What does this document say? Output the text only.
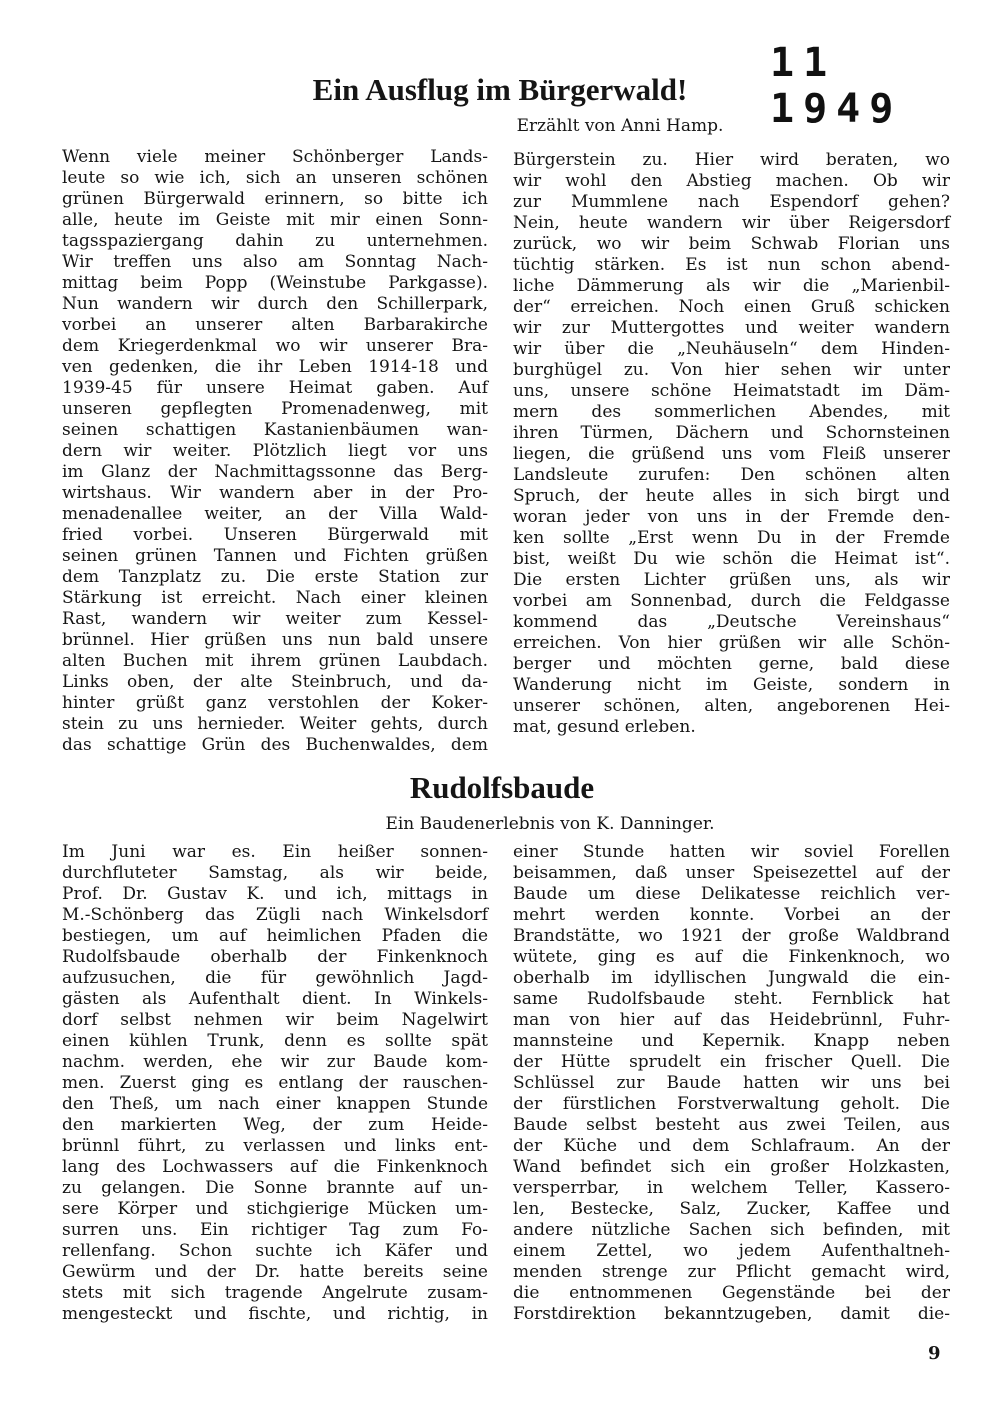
11 1949
Ein Ausflug im Bürgerwald!
Erzählt von Anni Hamp.
Wenn viele meiner Schönberger Lands-
leute so wie ich, sich an unseren schönen
grünen Bürgerwald erinnern, so bitte ich
alle, heute im Geiste mit mir einen Sonn-
tagsspaziergang dahin zu unternehmen.
Wir treffen uns also am Sonntag Nach-
mittag beim Popp (Weinstube Parkgasse).
Nun wandern wir durch den Schillerpark,
vorbei an unserer alten Barbarakirche
dem Kriegerdenkmal wo wir unserer Bra-
ven gedenken, die ihr Leben 1914-18 und
1939-45 für unsere Heimat gaben. Auf
unseren gepflegten Promenadenweg, mit
seinen schattigen Kastanienbäumen wan-
dern wir weiter. Plötzlich liegt vor uns
im Glanz der Nachmittagssonne das Berg-
wirtshaus. Wir wandern aber in der Pro-
menadenallee weiter, an der Villa Wald-
fried vorbei. Unseren Bürgerwald mit
seinen grünen Tannen und Fichten grüßen
dem Tanzplatz zu. Die erste Station zur
Stärkung ist erreicht. Nach einer kleinen
Rast, wandern wir weiter zum Kessel-
brünnel. Hier grüßen uns nun bald unsere
alten Buchen mit ihrem grünen Laubdach.
Links oben, der alte Steinbruch, und da-
hinter grüßt ganz verstohlen der Koker-
stein zu uns hernieder. Weiter gehts, durch
das schattige Grün des Buchenwaldes, dem
Bürgerstein zu. Hier wird beraten, wo
wir wohl den Abstieg machen. Ob wir
zur Mummlene nach Espendorf gehen?
Nein, heute wandern wir über Reigersdorf
zurück, wo wir beim Schwab Florian uns
tüchtig stärken. Es ist nun schon abend-
liche Dämmerung als wir die „Marienbil-
der“ erreichen. Noch einen Gruß schicken
wir zur Muttergottes und weiter wandern
wir über die „Neuhäuseln“ dem Hinden-
burghügel zu. Von hier sehen wir unter
uns, unsere schöne Heimatstadt im Däm-
mern des sommerlichen Abendes, mit
ihren Türmen, Dächern und Schornsteinen
liegen, die grüßend uns vom Fleiß unserer
Landsleute zurufen: Den schönen alten
Spruch, der heute alles in sich birgt und
woran jeder von uns in der Fremde den-
ken sollte „Erst wenn Du in der Fremde
bist, weißt Du wie schön die Heimat ist“.
Die ersten Lichter grüßen uns, als wir
vorbei am Sonnenbad, durch die Feldgasse
kommend das „Deutsche Vereinshaus“
erreichen. Von hier grüßen wir alle Schön-
berger und möchten gerne, bald diese
Wanderung nicht im Geiste, sondern in
unserer schönen, alten, angeborenen Hei-
mat, gesund erleben.
Rudolfsbaude
Ein Baudenerlebnis von K. Danninger.
Im Juni war es. Ein heißer sonnen-
durchfluteter Samstag, als wir beide,
Prof. Dr. Gustav K. und ich, mittags in
M.-Schönberg das Zügli nach Winkelsdorf
bestiegen, um auf heimlichen Pfaden die
Rudolfsbaude oberhalb der Finkenknoch
aufzusuchen, die für gewöhnlich Jagd-
gästen als Aufenthalt dient. In Winkels-
dorf selbst nehmen wir beim Nagelwirt
einen kühlen Trunk, denn es sollte spät
nachm. werden, ehe wir zur Baude kom-
men. Zuerst ging es entlang der rauschen-
den Theß, um nach einer knappen Stunde
den markierten Weg, der zum Heide-
brünnl führt, zu verlassen und links ent-
lang des Lochwassers auf die Finkenknoch
zu gelangen. Die Sonne brannte auf un-
sere Körper und stichgierige Mücken um-
surren uns. Ein richtiger Tag zum Fo-
rellenfang. Schon suchte ich Käfer und
Gewürm und der Dr. hatte bereits seine
stets mit sich tragende Angelrute zusam-
mengesteckt und fischte, und richtig, in
einer Stunde hatten wir soviel Forellen
beisammen, daß unser Speisezettel auf der
Baude um diese Delikatesse reichlich ver-
mehrt werden konnte. Vorbei an der
Brandstätte, wo 1921 der große Waldbrand
wütete, ging es auf die Finkenknoch, wo
oberhalb im idyllischen Jungwald die ein-
same Rudolfsbaude steht. Fernblick hat
man von hier auf das Heidebrünnl, Fuhr-
mannsteine und Kepernik. Knapp neben
der Hütte sprudelt ein frischer Quell. Die
Schlüssel zur Baude hatten wir uns bei
der fürstlichen Forstverwaltung geholt. Die
Baude selbst besteht aus zwei Teilen, aus
der Küche und dem Schlafraum. An der
Wand befindet sich ein großer Holzkasten,
versperrbar, in welchem Teller, Kassero-
len, Bestecke, Salz, Zucker, Kaffee und
andere nützliche Sachen sich befinden, mit
einem Zettel, wo jedem Aufenthaltneh-
menden strenge zur Pflicht gemacht wird,
die entnommenen Gegenstände bei der
Forstdirektion bekanntzugeben, damit die-
9
